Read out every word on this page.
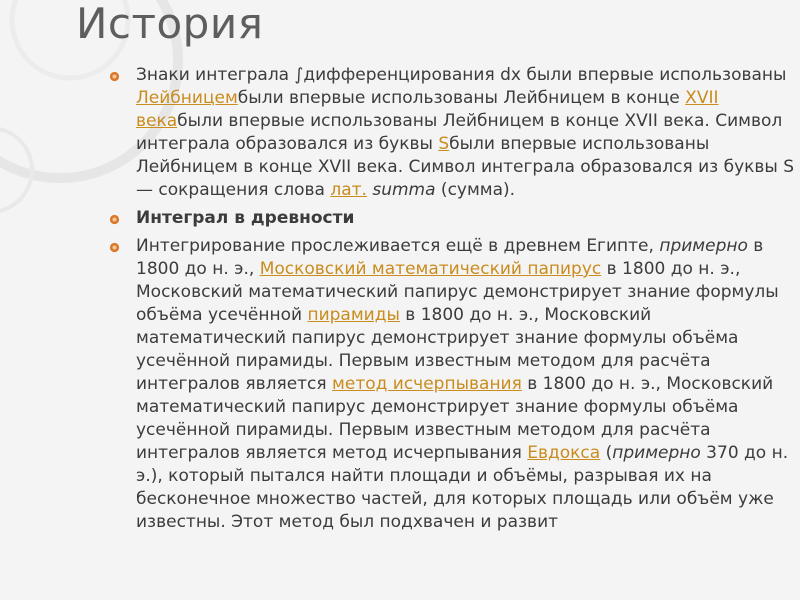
История
Знаки интеграла ∫дифференцирования dx были впервые использованы Лейбницембыли впервые использованы Лейбницем в конце XVII векабыли впервые использованы Лейбницем в конце XVII века. Символ интеграла образовался из буквы Sбыли впервые использованы Лейбницем в конце XVII века. Символ интеграла образовался из буквы S — сокращения слова лат. summa (сумма).
Интеграл в древности
Интегрирование прослеживается ещё в древнем Египте, примерно в 1800 до н. э., Московский математический папирус в 1800 до н. э., Московский математический папирус демонстрирует знание формулы объёма усечённой пирамиды в 1800 до н. э., Московский математический папирус демонстрирует знание формулы объёма усечённой пирамиды. Первым известным методом для расчёта интегралов является метод исчерпывания в 1800 до н. э., Московский математический папирус демонстрирует знание формулы объёма усечённой пирамиды. Первым известным методом для расчёта интегралов является метод исчерпывания Евдокса (примерно 370 до н. э.), который пытался найти площади и объёмы, разрывая их на бесконечное множество частей, для которых площадь или объём уже известны. Этот метод был подхвачен и развит
